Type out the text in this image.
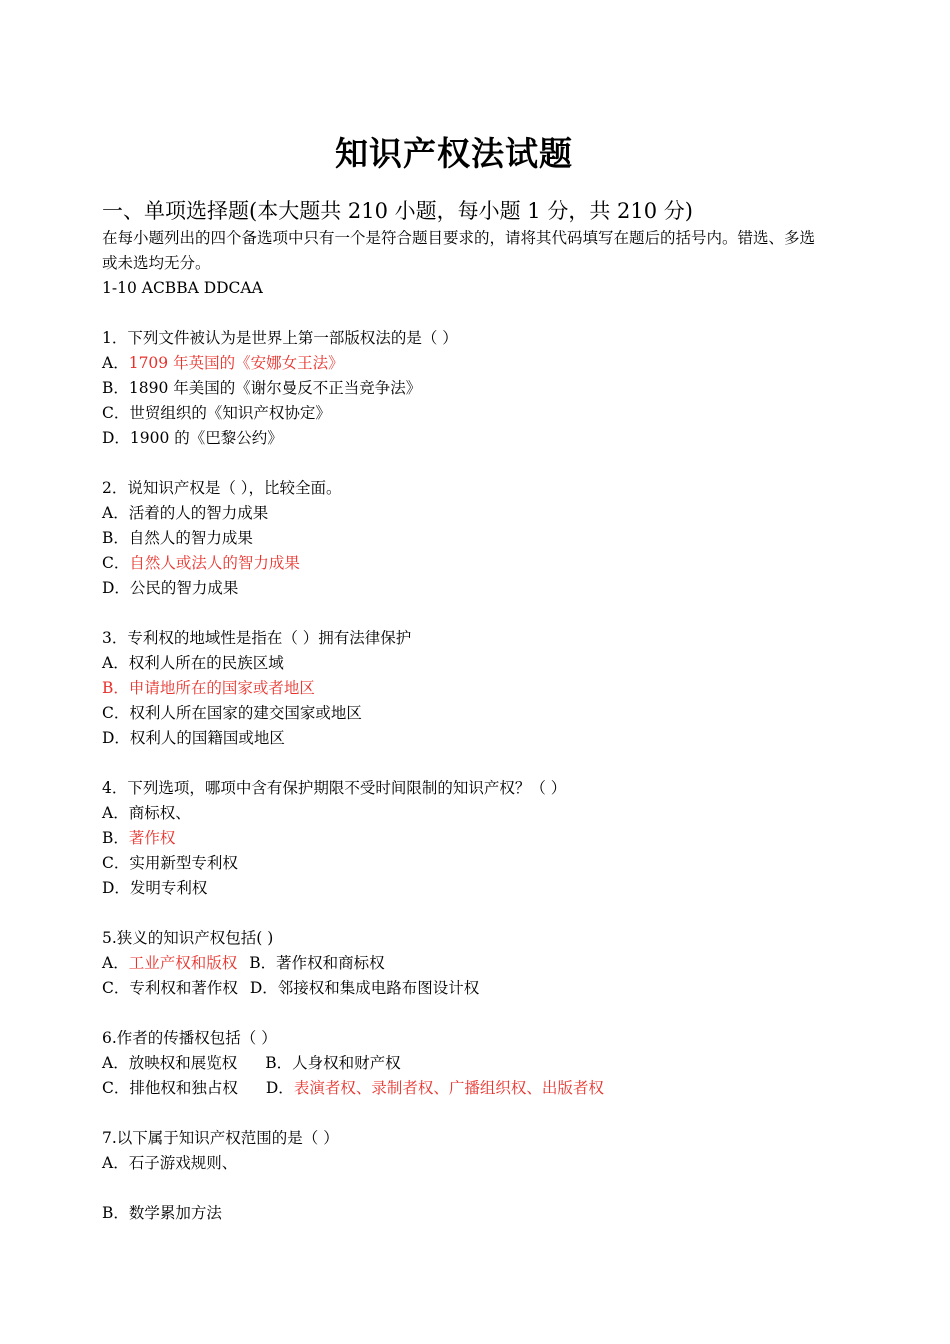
知识产权法试题
一、单项选择题(本大题共 210 小题，每小题 1 分，共 210 分)
在每小题列出的四个备选项中只有一个是符合题目要求的，请将其代码填写在题后的括号内。错选、多选或未选均无分。
1-10 ACBBA DDCAA
1．下列文件被认为是世界上第一部版权法的是（ ）
A．1709 年英国的《安娜女王法》
B．1890 年美国的《谢尔曼反不正当竞争法》
C．世贸组织的《知识产权协定》
D．1900 的《巴黎公约》
2．说知识产权是（ ），比较全面。
A．活着的人的智力成果
B．自然人的智力成果
C．自然人或法人的智力成果
D．公民的智力成果
3．专利权的地域性是指在（ ）拥有法律保护
A．权利人所在的民族区域
B．申请地所在的国家或者地区
C．权利人所在国家的建交国家或地区
D．权利人的国籍国或地区
4．下列选项，哪项中含有保护期限不受时间限制的知识产权？（ ）
A．商标权、
B．著作权
C．实用新型专利权
D．发明专利权
5.狭义的知识产权包括( )
A．工业产权和版权 B．著作权和商标权
C．专利权和著作权 D．邻接权和集成电路布图设计权
6.作者的传播权包括（ ）
A．放映权和展览权 B．人身权和财产权
C．排他权和独占权 D．表演者权、录制者权、广播组织权、出版者权
7.以下属于知识产权范围的是（ ）
A．石子游戏规则、
B．数学累加方法
